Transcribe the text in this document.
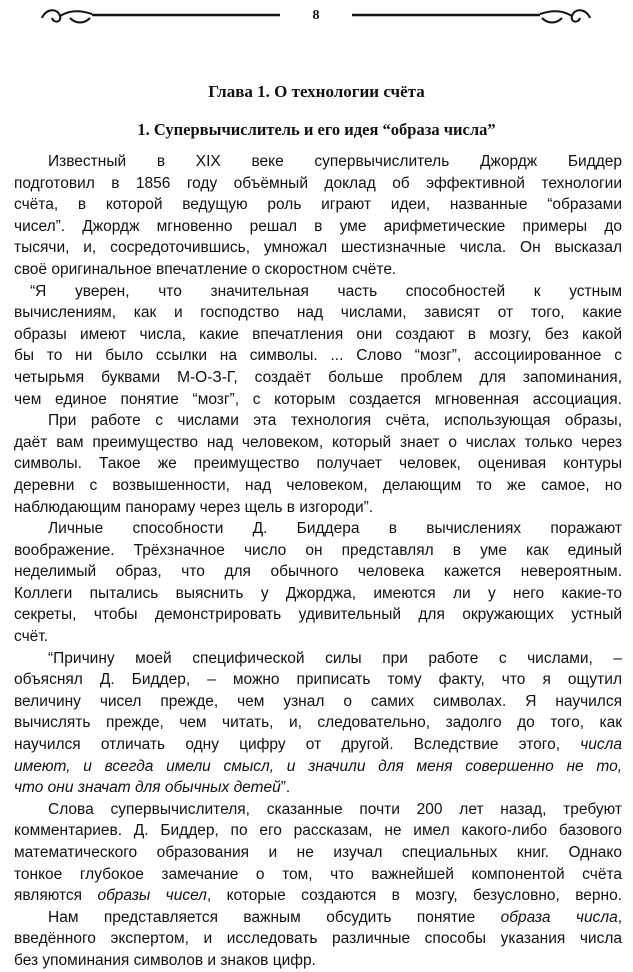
8
Глава 1. О технологии счёта
1. Супервычислитель и его идея “образа числа”
Известный в XIX веке супервычислитель Джордж Биддер
подготовил в 1856 году объёмный доклад об эффективной технологии
счёта, в которой ведущую роль играют идеи, названные “образами
чисел”. Джордж мгновенно решал в уме арифметические примеры до
тысячи, и, сосредоточившись, умножал шестизначные числа. Он высказал
своё оригинальное впечатление о скоростном счёте.
“Я уверен, что значительная часть способностей к устным
вычислениям, как и господство над числами, зависят от того, какие
образы имеют числа, какие впечатления они создают в мозгу, без какой
бы то ни было ссылки на символы. ... Слово “мозг”, ассоциированное с
четырьмя буквами М-О-З-Г, создаёт больше проблем для запоминания,
чем единое понятие “мозг”, с которым создается мгновенная ассоциация.
При работе с числами эта технология счёта, использующая образы,
даёт вам преимущество над человеком, который знает о числах только через
символы. Такое же преимущество получает человек, оценивая контуры
деревни с возвышенности, над человеком, делающим то же самое, но
наблюдающим панораму через щель в изгороди”.
Личные способности Д. Биддера в вычислениях поражают
воображение. Трёхзначное число он представлял в уме как единый
неделимый образ, что для обычного человека кажется невероятным.
Коллеги пытались выяснить у Джорджа, имеются ли у него какие-то
секреты, чтобы демонстрировать удивительный для окружающих устный
счёт.
“Причину моей специфической силы при работе с числами, –
объяснял Д. Биддер, – можно приписать тому факту, что я ощутил
величину чисел прежде, чем узнал о самих символах. Я научился
вычислять прежде, чем читать, и, следовательно, задолго до того, как
научился отличать одну цифру от другой. Вследствие этого, числа
имеют, и всегда имели смысл, и значили для меня совершенно не то,
что они значат для обычных детей”.
Слова супервычислителя, сказанные почти 200 лет назад, требуют
комментариев. Д. Биддер, по его рассказам, не имел какого-либо базового
математического образования и не изучал специальных книг. Однако
тонкое глубокое замечание о том, что важнейшей компонентой счёта
являются образы чисел, которые создаются в мозгу, безусловно, верно.
Нам представляется важным обсудить понятие образа числа,
введённого экспертом, и исследовать различные способы указания числа
без упоминания символов и знаков цифр.
